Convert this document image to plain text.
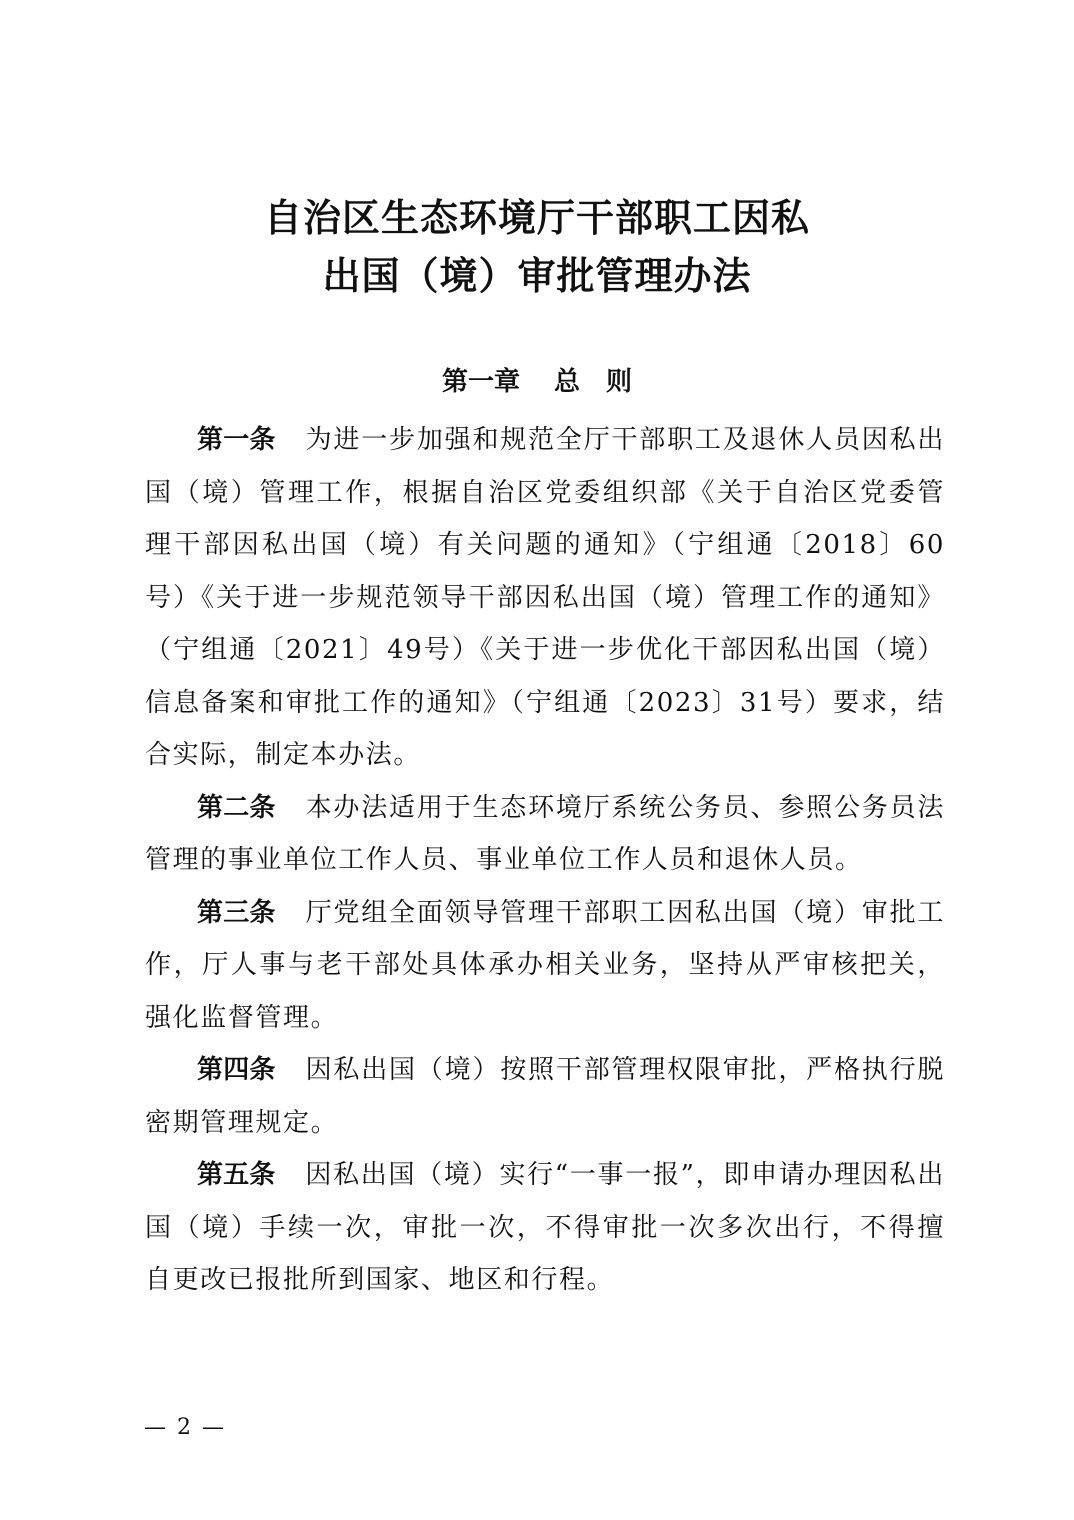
自治区生态环境厅干部职工因私
出国（境）审批管理办法
第一章 总 则

第一条 为进一步加强和规范全厅干部职工及退休人员因私出国（境）管理工作，根据自治区党委组织部《关于自治区党委管理干部因私出国（境）有关问题的通知》（宁组通〔2018〕60号）《关于进一步规范领导干部因私出国（境）管理工作的通知》（宁组通〔2021〕49号）《关于进一步优化干部因私出国（境）信息备案和审批工作的通知》（宁组通〔2023〕31号）要求，结合实际，制定本办法。

第二条 本办法适用于生态环境厅系统公务员、参照公务员法管理的事业单位工作人员、事业单位工作人员和退休人员。

第三条 厅党组全面领导管理干部职工因私出国（境）审批工作，厅人事与老干部处具体承办相关业务，坚持从严审核把关，强化监督管理。

第四条 因私出国（境）按照干部管理权限审批，严格执行脱密期管理规定。

第五条 因私出国（境）实行“一事一报”，即申请办理因私出国（境）手续一次，审批一次，不得审批一次多次出行，不得擅自更改已报批所到国家、地区和行程。

— 2 —
